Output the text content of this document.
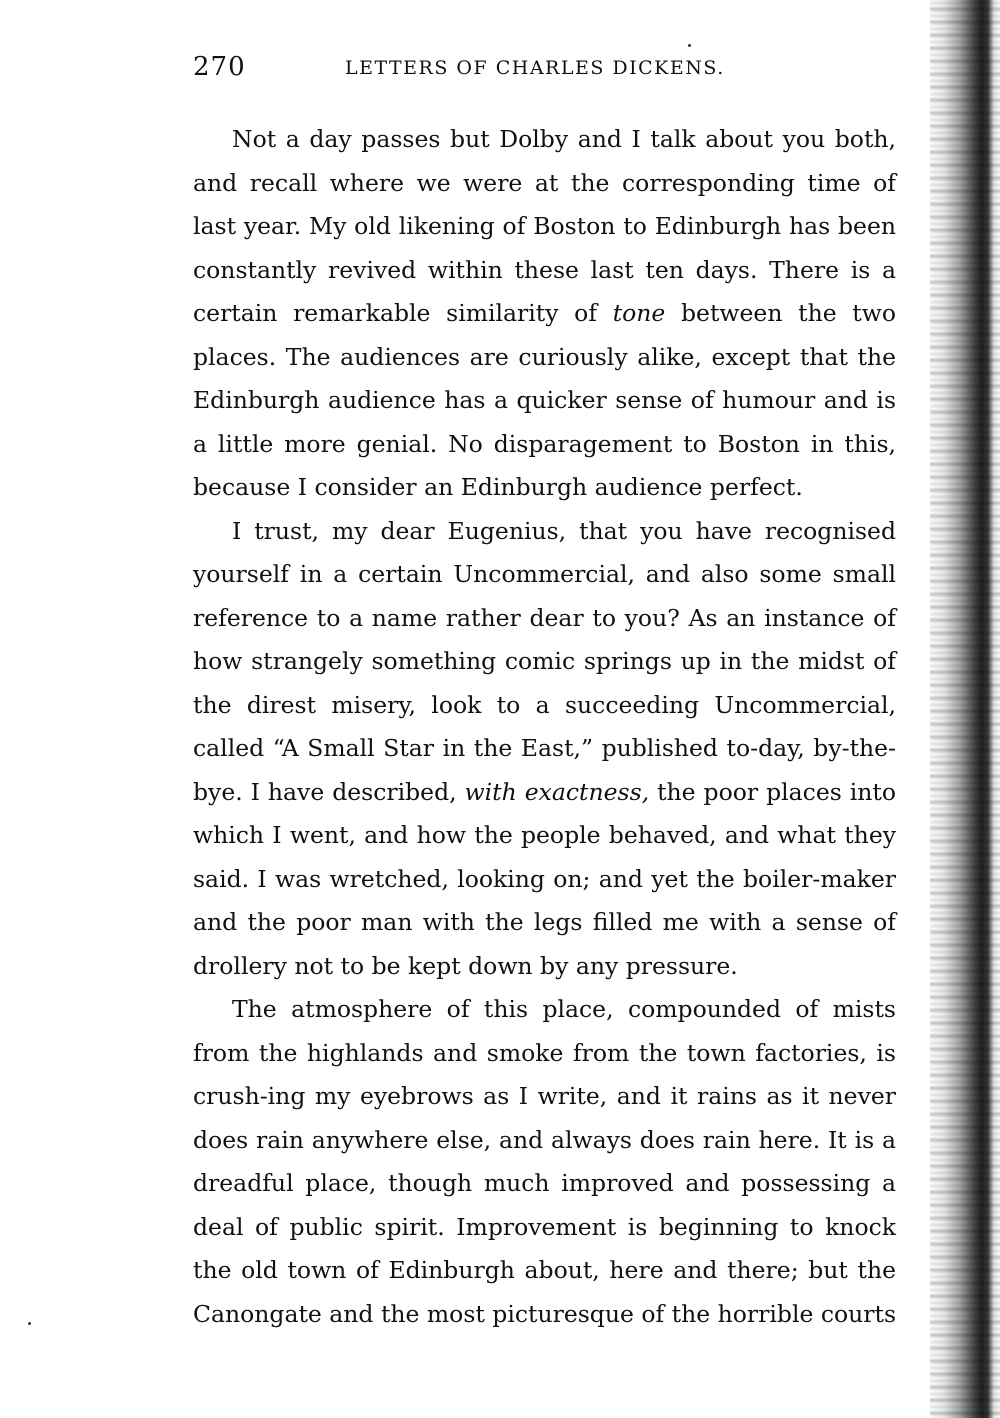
270	LETTERS OF CHARLES DICKENS.

Not a day passes but Dolby and I talk about you both, and recall where we were at the corresponding time of last year. My old likening of Boston to Edinburgh has been constantly revived within these last ten days. There is a certain remarkable similarity of tone between the two places. The audiences are curiously alike, except that the Edinburgh audience has a quicker sense of humour and is a little more genial. No disparagement to Boston in this, because I consider an Edinburgh audience perfect.

I trust, my dear Eugenius, that you have recognised yourself in a certain Uncommercial, and also some small reference to a name rather dear to you? As an instance of how strangely something comic springs up in the midst of the direst misery, look to a succeeding Uncommercial, called “A Small Star in the East,” published to-day, by-the-bye. I have described, with exactness, the poor places into which I went, and how the people behaved, and what they said. I was wretched, looking on; and yet the boiler-maker and the poor man with the legs filled me with a sense of drollery not to be kept down by any pressure.

The atmosphere of this place, compounded of mists from the highlands and smoke from the town factories, is crush-ing my eyebrows as I write, and it rains as it never does rain anywhere else, and always does rain here. It is a dreadful place, though much improved and possessing a deal of public spirit. Improvement is beginning to knock the old town of Edinburgh about, here and there; but the Canongate and the most picturesque of the horrible courts
